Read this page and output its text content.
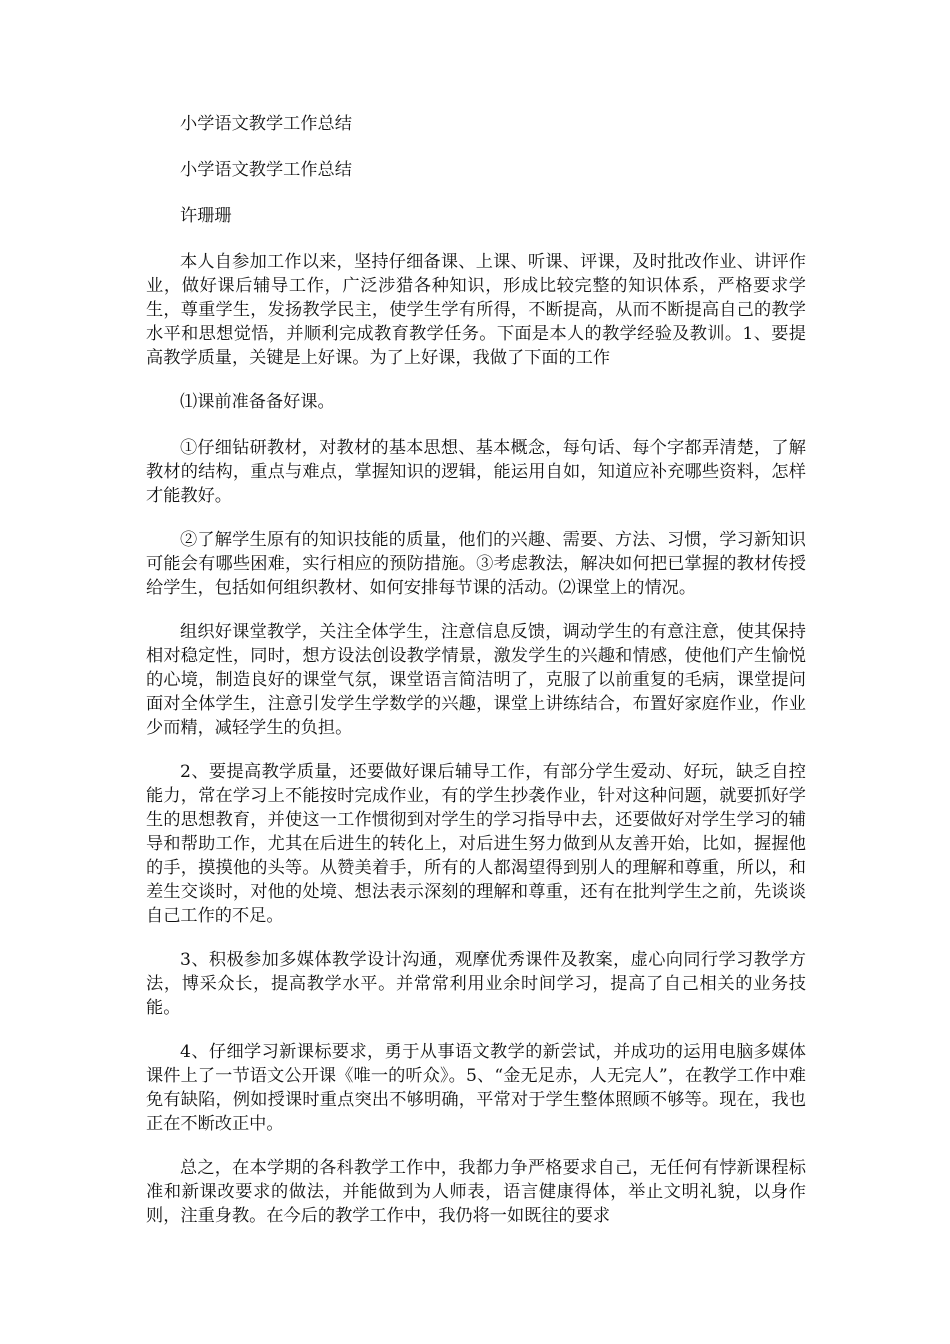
小学语文教学工作总结

小学语文教学工作总结

许珊珊

本人自参加工作以来，坚持仔细备课、上课、听课、评课，及时批改作业、讲评作业，做好课后辅导工作，广泛涉猎各种知识，形成比较完整的知识体系，严格要求学生，尊重学生，发扬教学民主，使学生学有所得，不断提高，从而不断提高自己的教学水平和思想觉悟，并顺利完成教育教学任务。下面是本人的教学经验及教训。1、要提高教学质量，关键是上好课。为了上好课，我做了下面的工作

⑴课前准备备好课。

①仔细钻研教材，对教材的基本思想、基本概念，每句话、每个字都弄清楚，了解教材的结构，重点与难点，掌握知识的逻辑，能运用自如，知道应补充哪些资料，怎样才能教好。

②了解学生原有的知识技能的质量，他们的兴趣、需要、方法、习惯，学习新知识可能会有哪些困难，实行相应的预防措施。③考虑教法，解决如何把已掌握的教材传授给学生，包括如何组织教材、如何安排每节课的活动。⑵课堂上的情况。

组织好课堂教学，关注全体学生，注意信息反馈，调动学生的有意注意，使其保持相对稳定性，同时，想方设法创设教学情景，激发学生的兴趣和情感，使他们产生愉悦的心境，制造良好的课堂气氛，课堂语言简洁明了，克服了以前重复的毛病，课堂提问面对全体学生，注意引发学生学数学的兴趣，课堂上讲练结合，布置好家庭作业，作业少而精，减轻学生的负担。

2、要提高教学质量，还要做好课后辅导工作，有部分学生爱动、好玩，缺乏自控能力，常在学习上不能按时完成作业，有的学生抄袭作业，针对这种问题，就要抓好学生的思想教育，并使这一工作惯彻到对学生的学习指导中去，还要做好对学生学习的辅导和帮助工作，尤其在后进生的转化上，对后进生努力做到从友善开始，比如，握握他的手，摸摸他的头等。从赞美着手，所有的人都渴望得到别人的理解和尊重，所以，和差生交谈时，对他的处境、想法表示深刻的理解和尊重，还有在批判学生之前，先谈谈自己工作的不足。

3、积极参加多媒体教学设计沟通，观摩优秀课件及教案，虚心向同行学习教学方法，博采众长，提高教学水平。并常常利用业余时间学习，提高了自己相关的业务技能。

4、仔细学习新课标要求，勇于从事语文教学的新尝试，并成功的运用电脑多媒体课件上了一节语文公开课《唯一的听众》。5、“金无足赤，人无完人”，在教学工作中难免有缺陷，例如授课时重点突出不够明确，平常对于学生整体照顾不够等。现在，我也正在不断改正中。

总之，在本学期的各科教学工作中，我都力争严格要求自己，无任何有悖新课程标准和新课改要求的做法，并能做到为人师表，语言健康得体，举止文明礼貌，以身作则，注重身教。在今后的教学工作中，我仍将一如既往的要求
